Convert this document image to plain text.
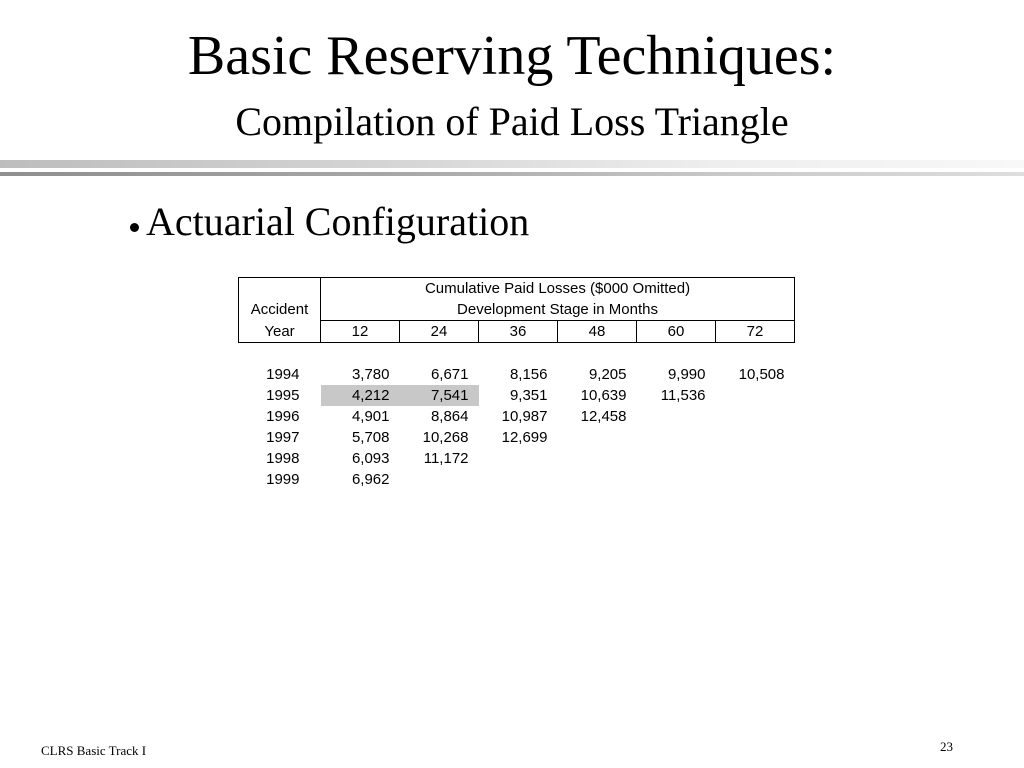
Basic Reserving Techniques:
Compilation of Paid Loss Triangle
Actuarial Configuration
	Cumulative Paid Losses ($000 Omitted)					
Accident	Development Stage in Months					
Year	12	24	36	48	60	72

1994	3,780	6,671	8,156	9,205	9,990	10,508
1995	4,212	7,541	9,351	10,639	11,536	
1996	4,901	8,864	10,987	12,458		
1997	5,708	10,268	12,699			
1998	6,093	11,172				
1999	6,962					
CLRS Basic Track I	23
